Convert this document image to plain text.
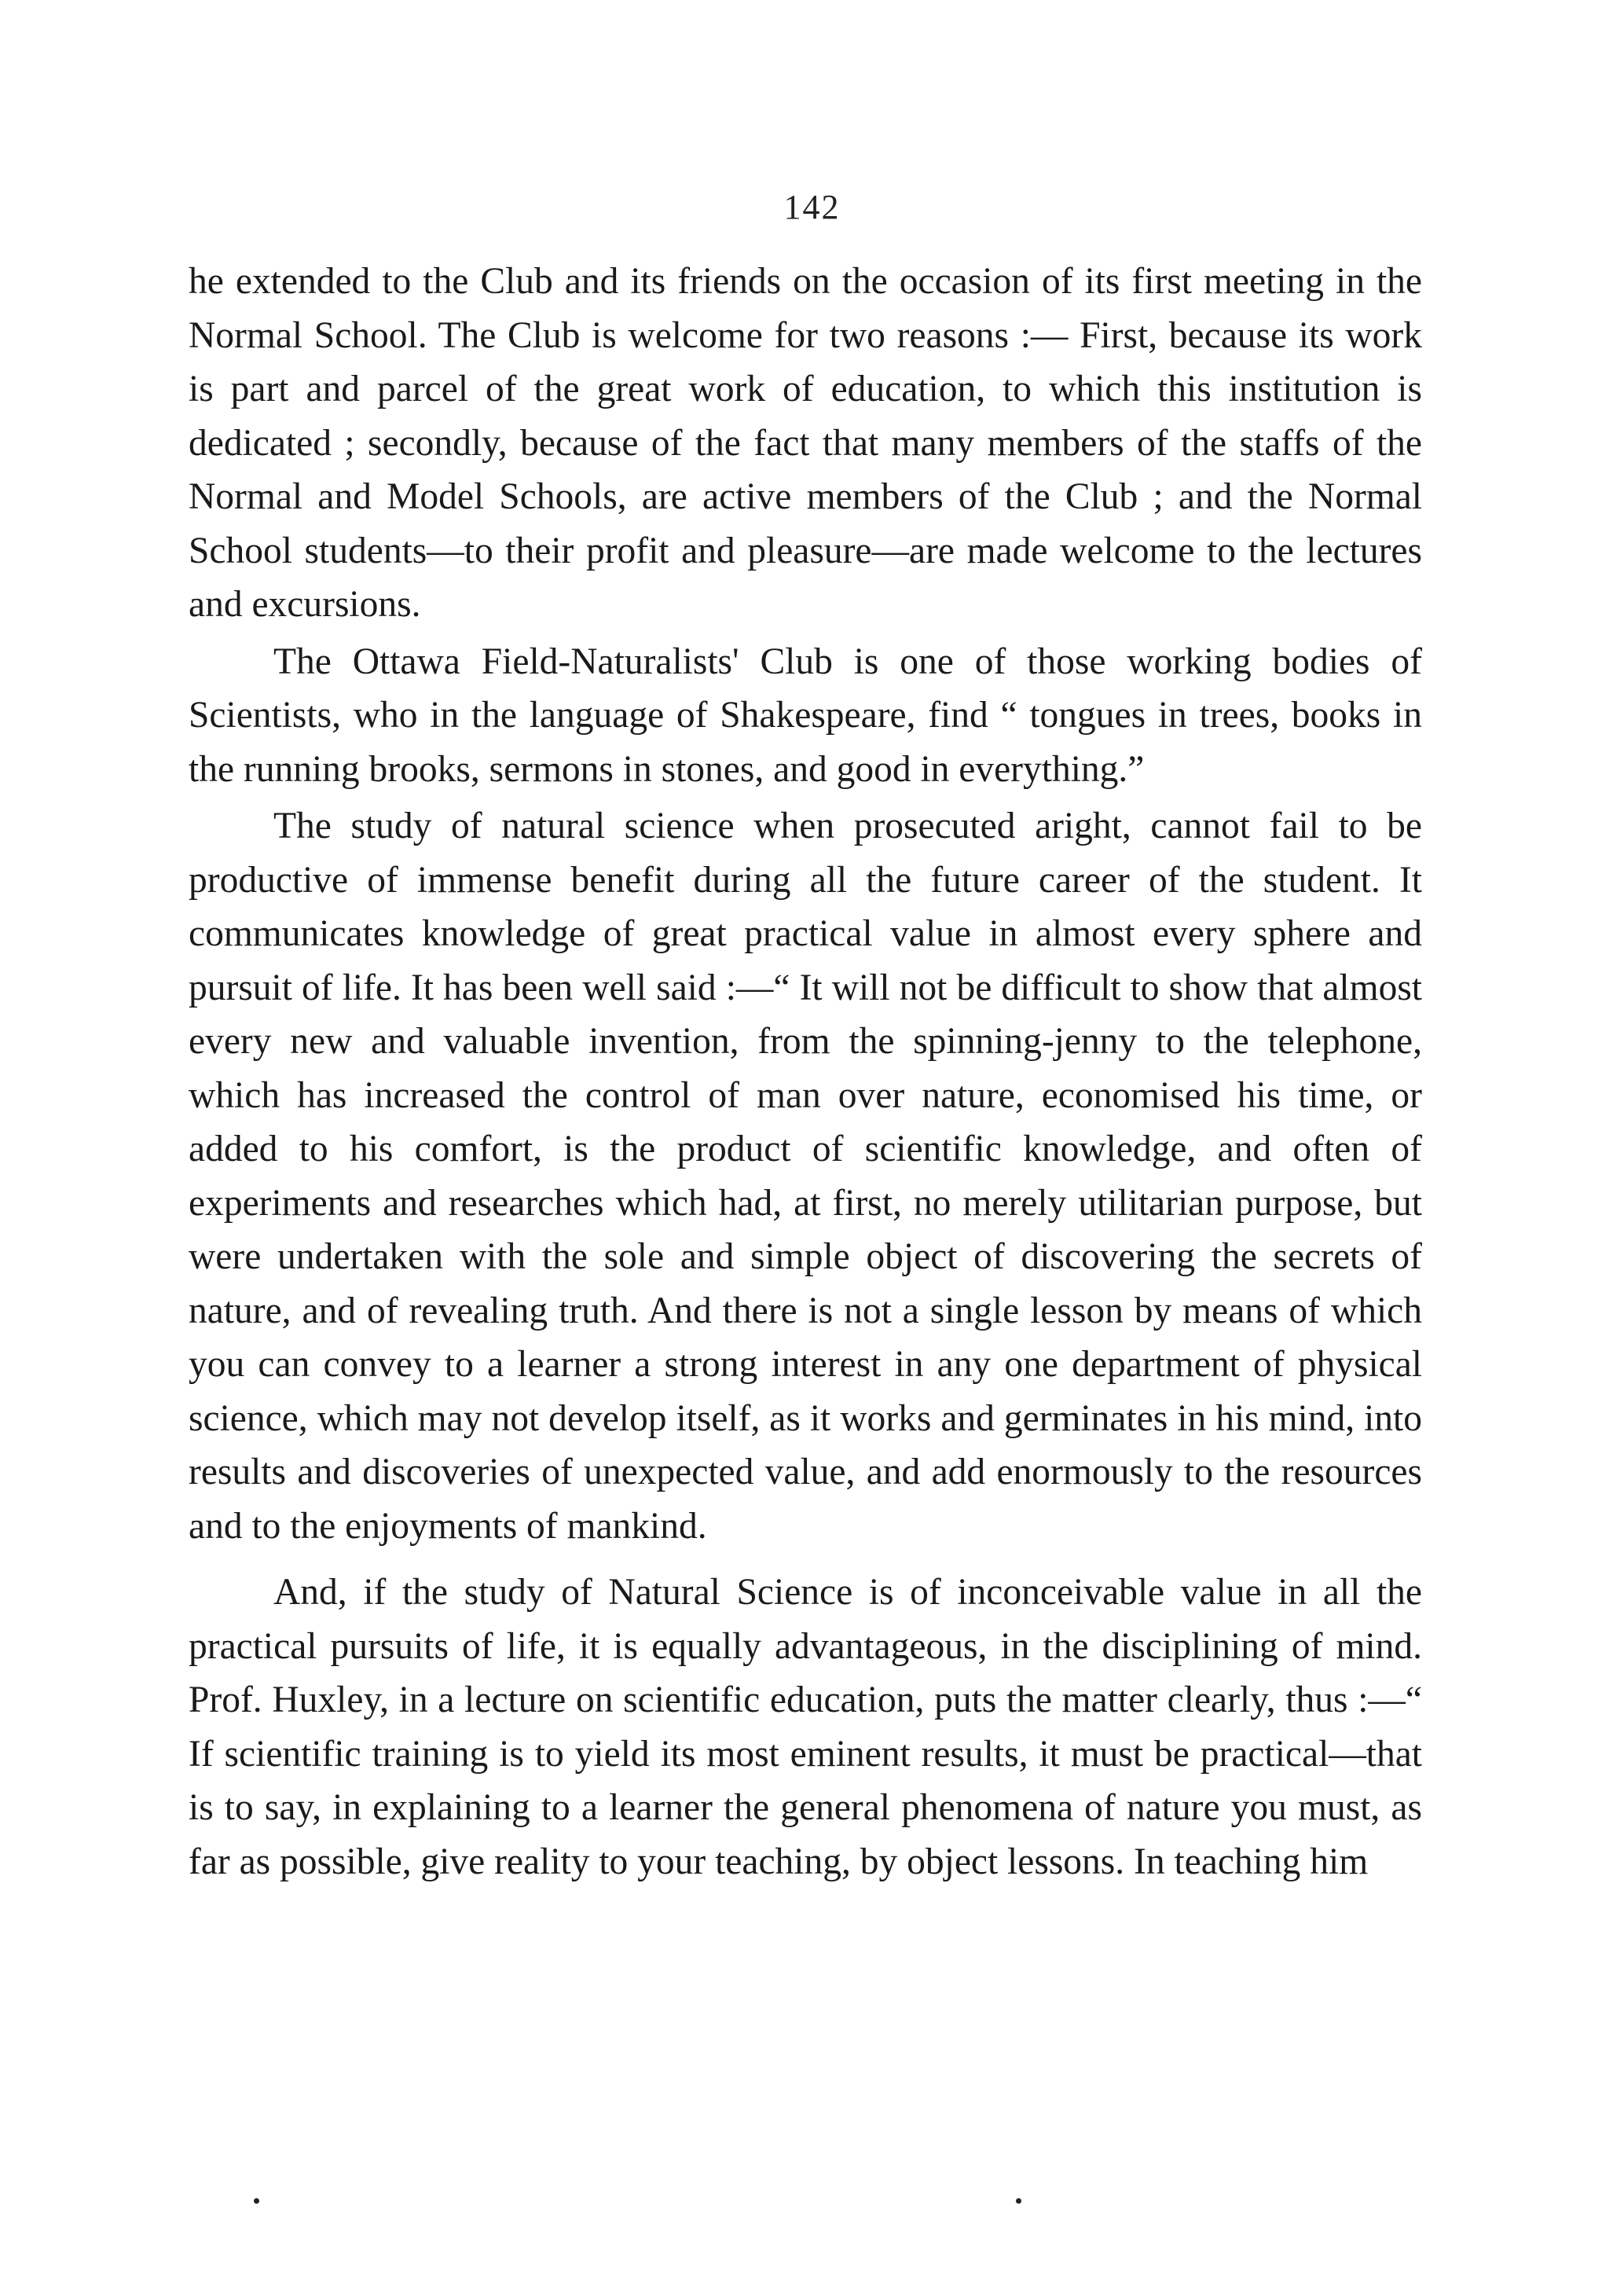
142

he extended to the Club and its friends on the occasion of its first meeting in the Normal School. The Club is welcome for two reasons :— First, because its work is part and parcel of the great work of education, to which this institution is dedicated ; secondly, because of the fact that many members of the staffs of the Normal and Model Schools, are active members of the Club ; and the Normal School students—to their profit and pleasure—are made welcome to the lectures and excursions.

The Ottawa Field-Naturalists' Club is one of those working bodies of Scientists, who in the language of Shakespeare, find “ tongues in trees, books in the running brooks, sermons in stones, and good in everything.”

The study of natural science when prosecuted aright, cannot fail to be productive of immense benefit during all the future career of the student. It communicates knowledge of great practical value in almost every sphere and pursuit of life. It has been well said :—“ It will not be difficult to show that almost every new and valuable invention, from the spinning-jenny to the telephone, which has increased the control of man over nature, economised his time, or added to his comfort, is the product of scientific knowledge, and often of experiments and researches which had, at first, no merely utilitarian purpose, but were undertaken with the sole and simple object of discovering the secrets of nature, and of revealing truth. And there is not a single lesson by means of which you can convey to a learner a strong interest in any one department of physical science, which may not develop itself, as it works and germinates in his mind, into results and discoveries of unexpected value, and add enormously to the resources and to the enjoyments of mankind.

And, if the study of Natural Science is of inconceivable value in all the practical pursuits of life, it is equally advantageous, in the disciplining of mind. Prof. Huxley, in a lecture on scientific education, puts the matter clearly, thus :—“ If scientific training is to yield its most eminent results, it must be practical—that is to say, in explaining to a learner the general phenomena of nature you must, as far as possible, give reality to your teaching, by object lessons. In teaching him
